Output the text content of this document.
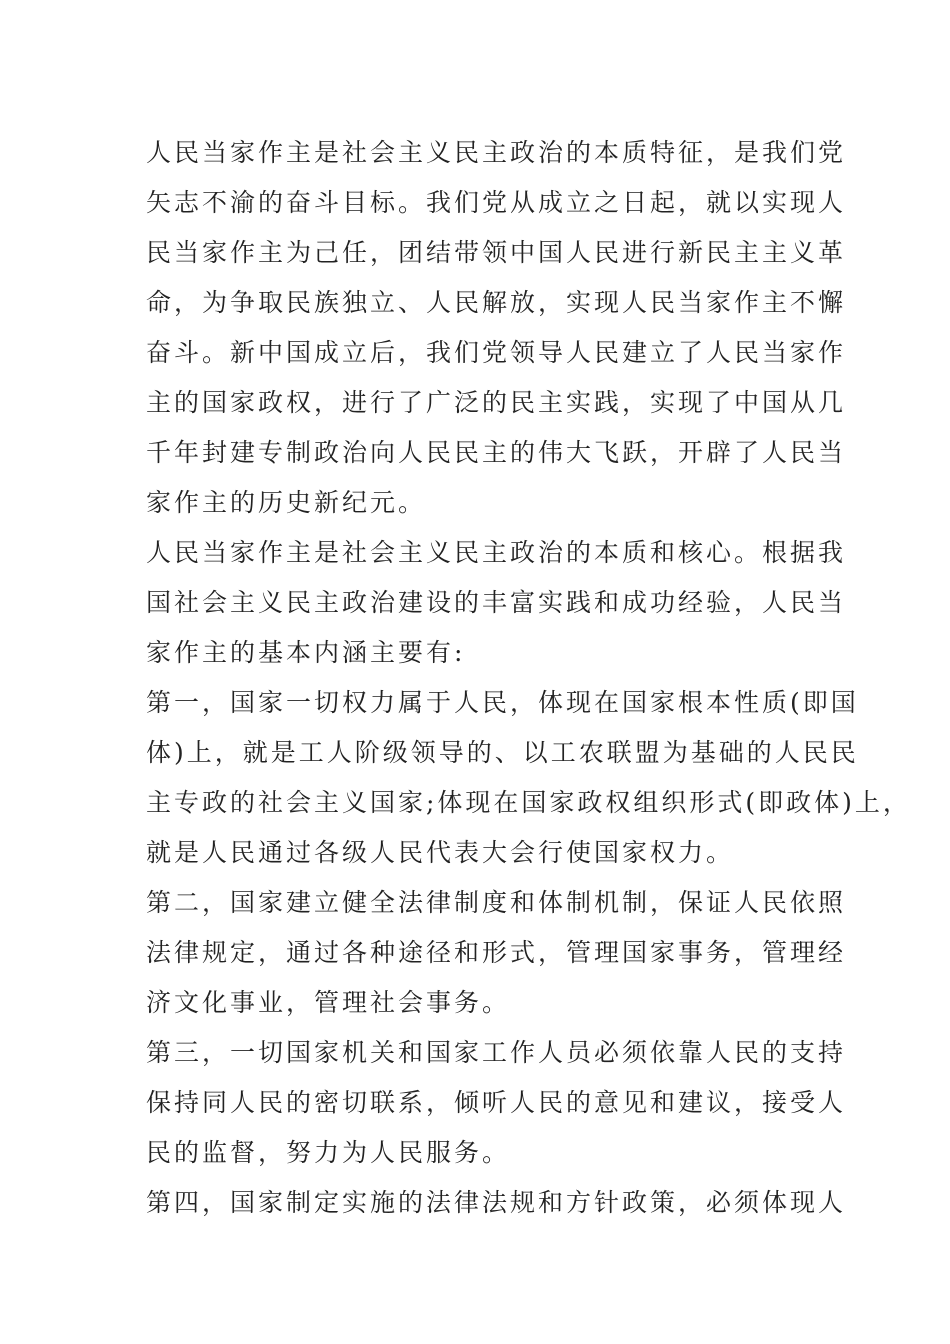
人民当家作主是社会主义民主政治的本质特征，是我们党
矢志不渝的奋斗目标。我们党从成立之日起，就以实现人
民当家作主为己任，团结带领中国人民进行新民主主义革
命，为争取民族独立、人民解放，实现人民当家作主不懈
奋斗。新中国成立后，我们党领导人民建立了人民当家作
主的国家政权，进行了广泛的民主实践，实现了中国从几
千年封建专制政治向人民民主的伟大飞跃，开辟了人民当
家作主的历史新纪元。
人民当家作主是社会主义民主政治的本质和核心。根据我
国社会主义民主政治建设的丰富实践和成功经验，人民当
家作主的基本内涵主要有:
第一，国家一切权力属于人民，体现在国家根本性质(即国
体)上，就是工人阶级领导的、以工农联盟为基础的人民民
主专政的社会主义国家;体现在国家政权组织形式(即政体)上，
就是人民通过各级人民代表大会行使国家权力。
第二，国家建立健全法律制度和体制机制，保证人民依照
法律规定，通过各种途径和形式，管理国家事务，管理经
济文化事业，管理社会事务。
第三，一切国家机关和国家工作人员必须依靠人民的支持
保持同人民的密切联系，倾听人民的意见和建议，接受人
民的监督，努力为人民服务。
第四，国家制定实施的法律法规和方针政策，必须体现人
